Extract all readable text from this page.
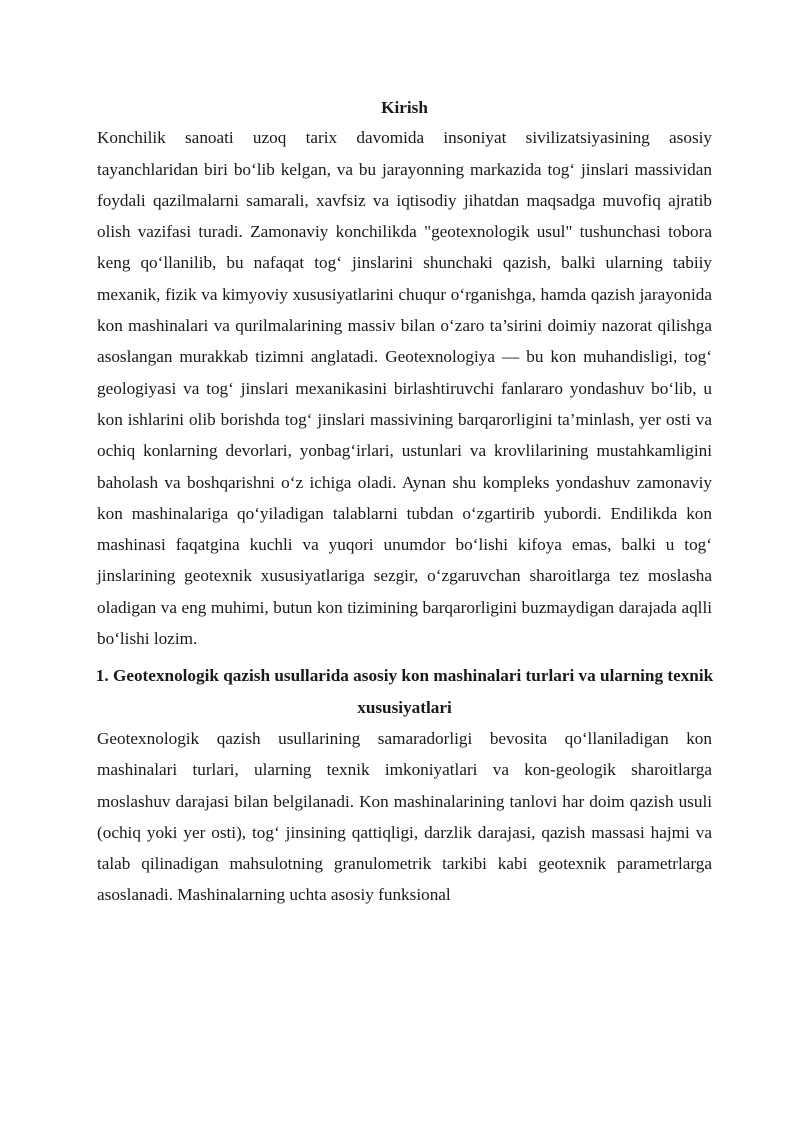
Kirish

Konchilik sanoati uzoq tarix davomida insoniyat sivilizatsiyasining asosiy tayanchlaridan biri bo‘lib kelgan, va bu jarayonning markazida tog‘ jinslari massividan foydali qazilmalarni samarali, xavfsiz va iqtisodiy jihatdan maqsadga muvofiq ajratib olish vazifasi turadi. Zamonaviy konchilikda "geotexnologik usul" tushunchasi tobora keng qo‘llanilib, bu nafaqat tog‘ jinslarini shunchaki qazish, balki ularning tabiiy mexanik, fizik va kimyoviy xususiyatlarini chuqur o‘rganishga, hamda qazish jarayonida kon mashinalari va qurilmalarining massiv bilan o‘zaro ta’sirini doimiy nazorat qilishga asoslangan murakkab tizimni anglatadi. Geotexnologiya — bu kon muhandisligi, tog‘ geologiyasi va tog‘ jinslari mexanikasini birlashtiruvchi fanlararo yondashuv bo‘lib, u kon ishlarini olib borishda tog‘ jinslari massivining barqarorligini ta’minlash, yer osti va ochiq konlarning devorlari, yonbag‘irlari, ustunlari va krovlilarining mustahkamligini baholash va boshqarishni o‘z ichiga oladi. Aynan shu kompleks yondashuv zamonaviy kon mashinalariga qo‘yiladigan talablarni tubdan o‘zgartirib yubordi. Endilikda kon mashinasi faqatgina kuchli va yuqori unumdor bo‘lishi kifoya emas, balki u tog‘ jinslarining geotexnik xususiyatlariga sezgir, o‘zgaruvchan sharoitlarga tez moslasha oladigan va eng muhimi, butun kon tizimining barqarorligini buzmaydigan darajada aqlli bo‘lishi lozim.

1. Geotexnologik qazish usullarida asosiy kon mashinalari turlari va ularning texnik xususiyatlari

Geotexnologik qazish usullarining samaradorligi bevosita qo‘llaniladigan kon mashinalari turlari, ularning texnik imkoniyatlari va kon-geologik sharoitlarga moslashuv darajasi bilan belgilanadi. Kon mashinalarining tanlovi har doim qazish usuli (ochiq yoki yer osti), tog‘ jinsining qattiqligi, darzlik darajasi, qazish massasi hajmi va talab qilinadigan mahsulotning granulometrik tarkibi kabi geotexnik parametrlarga asoslanadi. Mashinalarning uchta asosiy funksional
